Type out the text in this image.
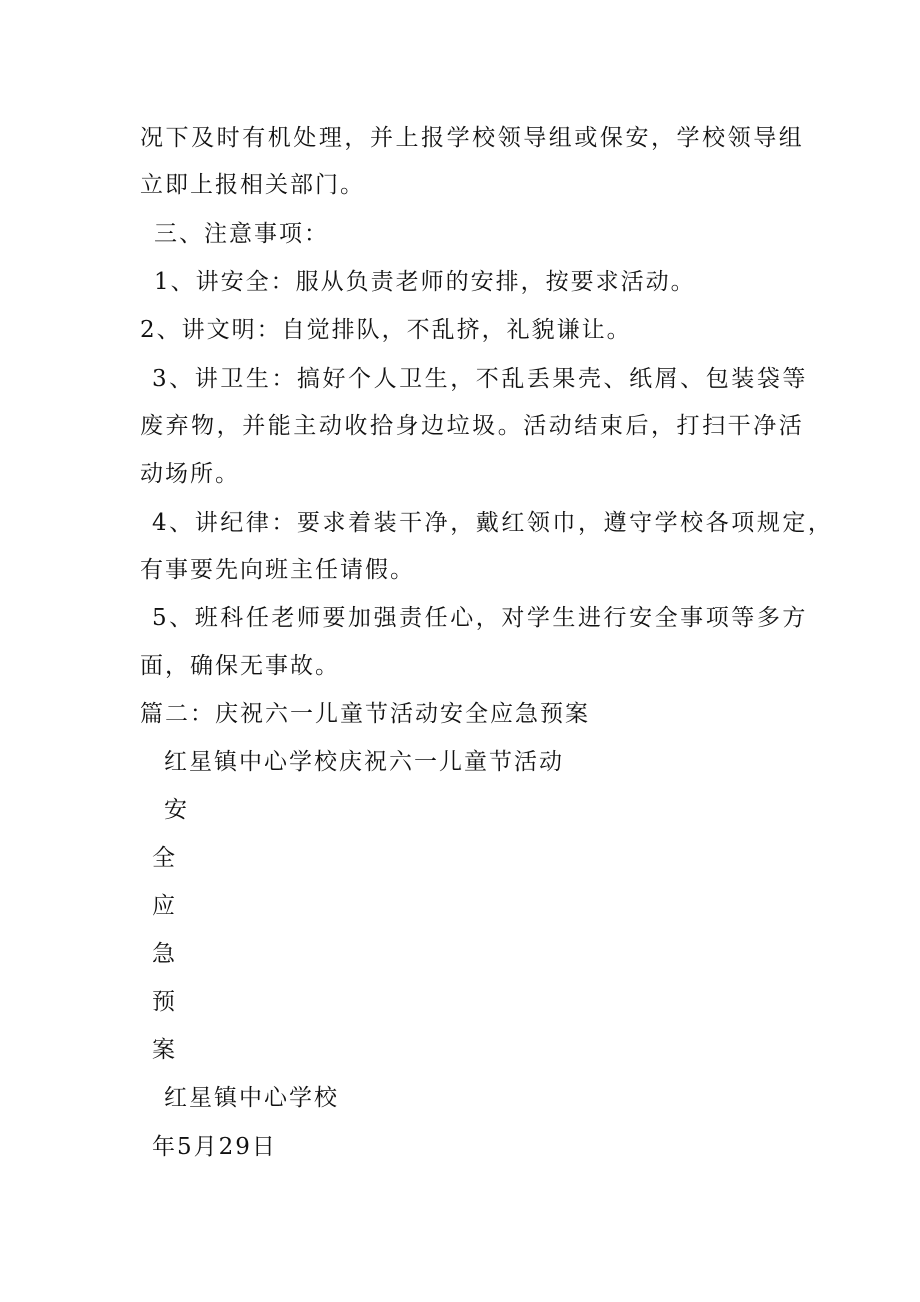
况下及时有机处理，并上报学校领导组或保安，学校领导组
立即上报相关部门。
三、注意事项：
1、讲安全：服从负责老师的安排，按要求活动。
2、讲文明：自觉排队，不乱挤，礼貌谦让。
3、讲卫生：搞好个人卫生，不乱丢果壳、纸屑、包装袋等
废弃物，并能主动收拾身边垃圾。活动结束后，打扫干净活
动场所。
4、讲纪律：要求着装干净，戴红领巾，遵守学校各项规定，
有事要先向班主任请假。
5、班科任老师要加强责任心，对学生进行安全事项等多方
面，确保无事故。
篇二：庆祝六一儿童节活动安全应急预案
红星镇中心学校庆祝六一儿童节活动
安
全
应
急
预
案
红星镇中心学校
年5月29日
